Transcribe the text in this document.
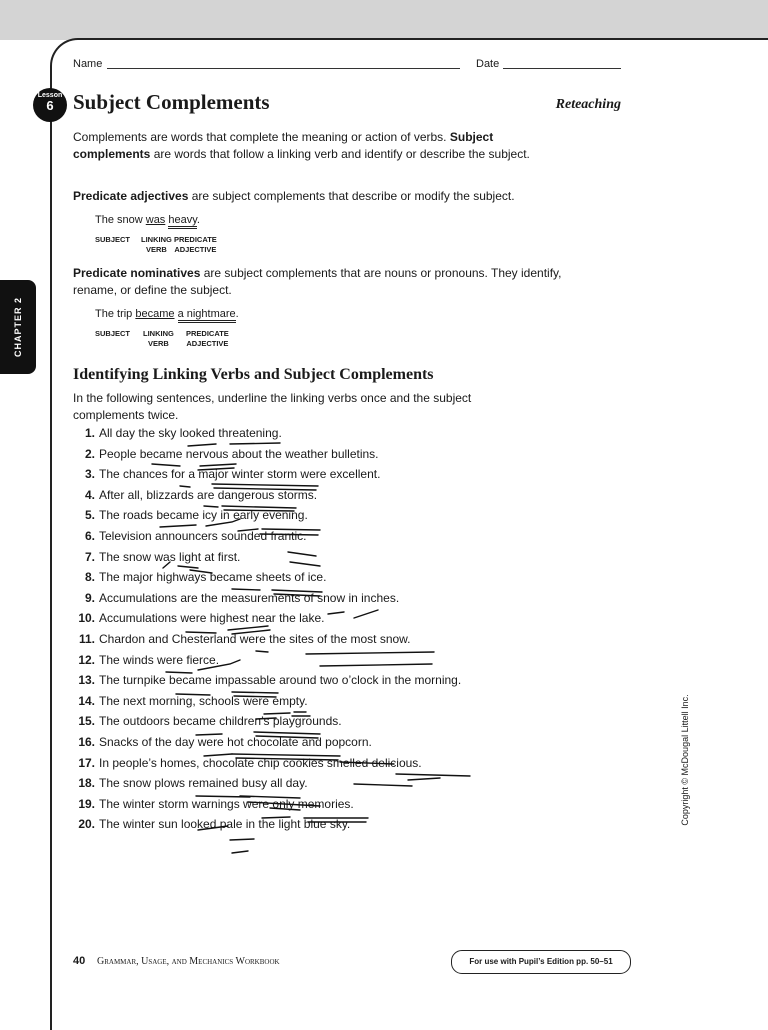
Name	Date
Lesson
6 Subject Complements	Reteaching
Complements are words that complete the meaning or action of verbs. Subject complements are words that follow a linking verb and identify or describe the subject.
Predicate adjectives are subject complements that describe or modify the subject.
The snow was heavy.
SUBJECT LINKING
VERB
PREDICATE
ADJECTIVE
Predicate nominatives are subject complements that are nouns or pronouns. They identify, rename, or define the subject.
The trip became a nightmare.
SUBJECT LINKING
VERB
PREDICATE
ADJECTIVE
Identifying Linking Verbs and Subject Complements
In the following sentences, underline the linking verbs once and the subject complements twice.
1. All day the sky looked threatening.
2. People became nervous about the weather bulletins.
3. The chances for a major winter storm were excellent.
4. After all, blizzards are dangerous storms.
5. The roads became icy in early evening.
6. Television announcers sounded frantic.
7. The snow was light at first.
8. The major highways became sheets of ice.
9. Accumulations are the measurements of snow in inches.
10. Accumulations were highest near the lake.
11. Chardon and Chesterland were the sites of the most snow.
12. The winds were fierce.
13. The turnpike became impassable around two o’clock in the morning.
14. The next morning, schools were empty.
15. The outdoors became children’s playgrounds.
16. Snacks of the day were hot chocolate and popcorn.
17. In people’s homes, chocolate chip cookies smelled delicious.
18. The snow plows remained busy all day.
19. The winter storm warnings were only memories.
20. The winter sun looked pale in the light blue sky.
CHAPTER 2
Copyright © McDougal Littell Inc.
40 Grammar, Usage, and Mechanics Workbook	For use with Pupil’s Edition pp. 50–51
